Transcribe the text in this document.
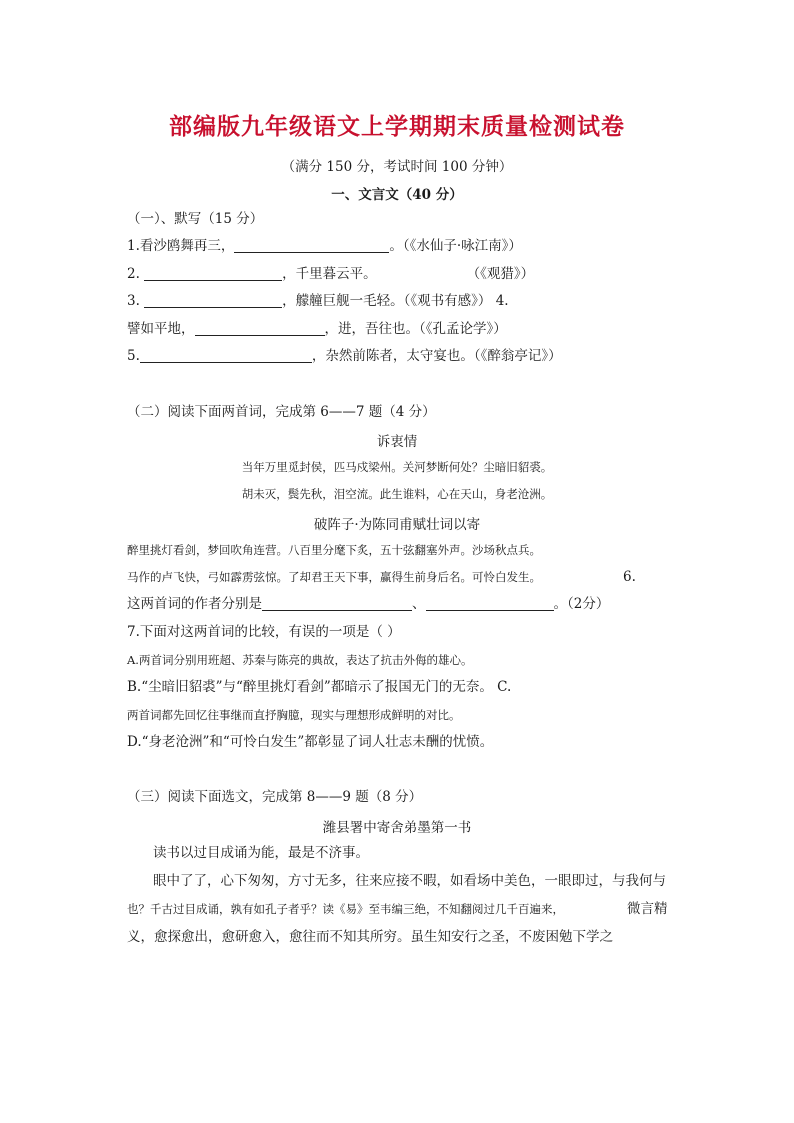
部编版九年级语文上学期期末质量检测试卷
（满分 150 分，考试时间 100 分钟）
一、文言文（40 分）
（一）、默写（15 分）
1.看沙鸥舞再三，	。（《水仙子·咏江南》）
2.	，千里暮云平。	（《观猎》）
3.	，艨艟巨舰一毛轻。（《观书有感》） 4.
譬如平地，	，进，吾往也。（《孔孟论学》）
5.	，杂然前陈者，太守宴也。（《醉翁亭记》）
（二）阅读下面两首词，完成第 6——7 题（4 分）
诉衷情
当年万里觅封侯，匹马戍梁州。关河梦断何处？尘暗旧貂裘。
胡未灭，鬓先秋，泪空流。此生谁料，心在天山，身老沧洲。
破阵子·为陈同甫赋壮词以寄
醉里挑灯看剑，梦回吹角连营。八百里分麾下炙，五十弦翻塞外声。沙场秋点兵。
马作的卢飞快，弓如霹雳弦惊。了却君王天下事，赢得生前身后名。可怜白发生。	6.
这两首词的作者分别是	、	。（2分）
7.下面对这两首词的比较，有误的一项是（ ）
A.两首词分别用班超、苏秦与陈亮的典故，表达了抗击外侮的雄心。
B.“尘暗旧貂裘”与“醉里挑灯看剑”都暗示了报国无门的无奈。 C.
两首词都先回忆往事继而直抒胸臆，现实与理想形成鲜明的对比。
D.“身老沧洲”和“可怜白发生”都彰显了词人壮志未酬的忧愤。
（三）阅读下面选文，完成第 8——9 题（8 分）
潍县署中寄舍弟墨第一书
读书以过目成诵为能，最是不济事。
眼中了了，心下匆匆，方寸无多，往来应接不暇，如看场中美色，一眼即过，与我何与
也？千古过目成诵，孰有如孔子者乎？读《易》至韦编三绝，不知翻阅过几千百遍来，	微言精
义，愈探愈出，愈研愈入，愈往而不知其所穷。虽生知安行之圣，不废困勉下学之
